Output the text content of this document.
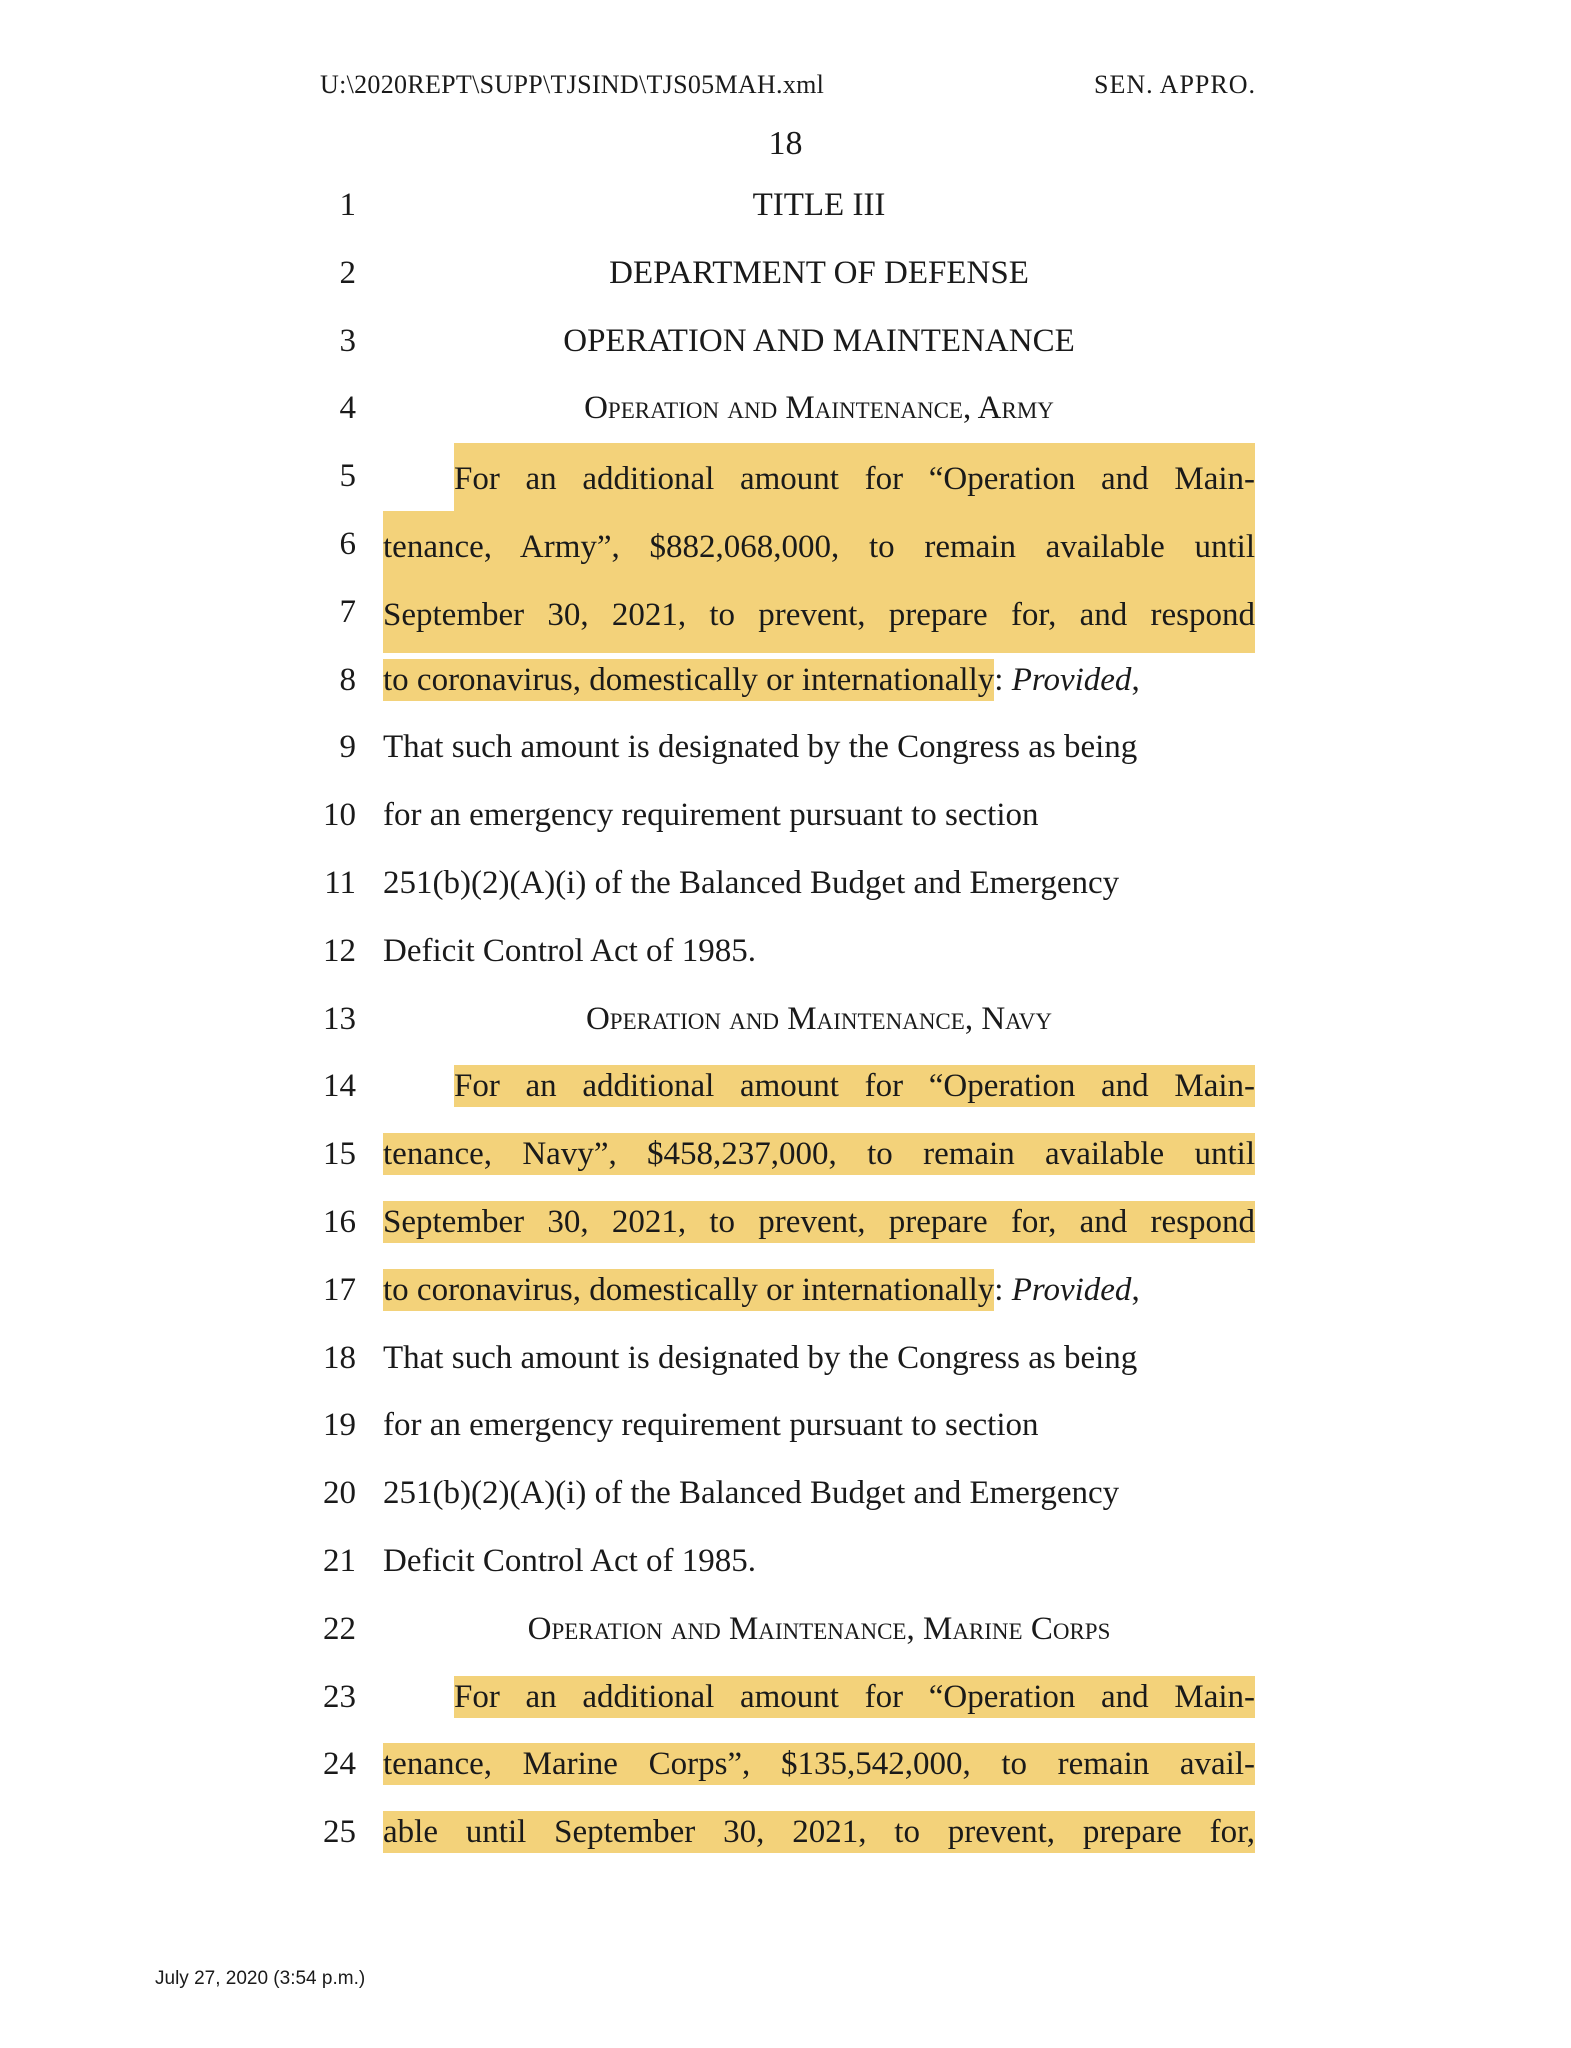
U:\2020REPT\SUPP\TJSIND\TJS05MAH.xml	SEN. APPRO.
18
1	TITLE III
2	DEPARTMENT OF DEFENSE
3	OPERATION AND MAINTENANCE
4	Operation and Maintenance, Army
5	For an additional amount for “Operation and Main-
6 tenance, Army”, $882,068,000, to remain available until
7 September 30, 2021, to prevent, prepare for, and respond
8 to coronavirus, domestically or internationally: Provided,
9 That such amount is designated by the Congress as being
10 for an emergency requirement pursuant to section
11 251(b)(2)(A)(i) of the Balanced Budget and Emergency
12 Deficit Control Act of 1985.
13	Operation and Maintenance, Navy
14	For an additional amount for “Operation and Main-
15 tenance, Navy”, $458,237,000, to remain available until
16 September 30, 2021, to prevent, prepare for, and respond
17 to coronavirus, domestically or internationally: Provided,
18 That such amount is designated by the Congress as being
19 for an emergency requirement pursuant to section
20 251(b)(2)(A)(i) of the Balanced Budget and Emergency
21 Deficit Control Act of 1985.
22	Operation and Maintenance, Marine Corps
23	For an additional amount for “Operation and Main-
24 tenance, Marine Corps”, $135,542,000, to remain avail-
25 able until September 30, 2021, to prevent, prepare for,
July 27, 2020 (3:54 p.m.)
